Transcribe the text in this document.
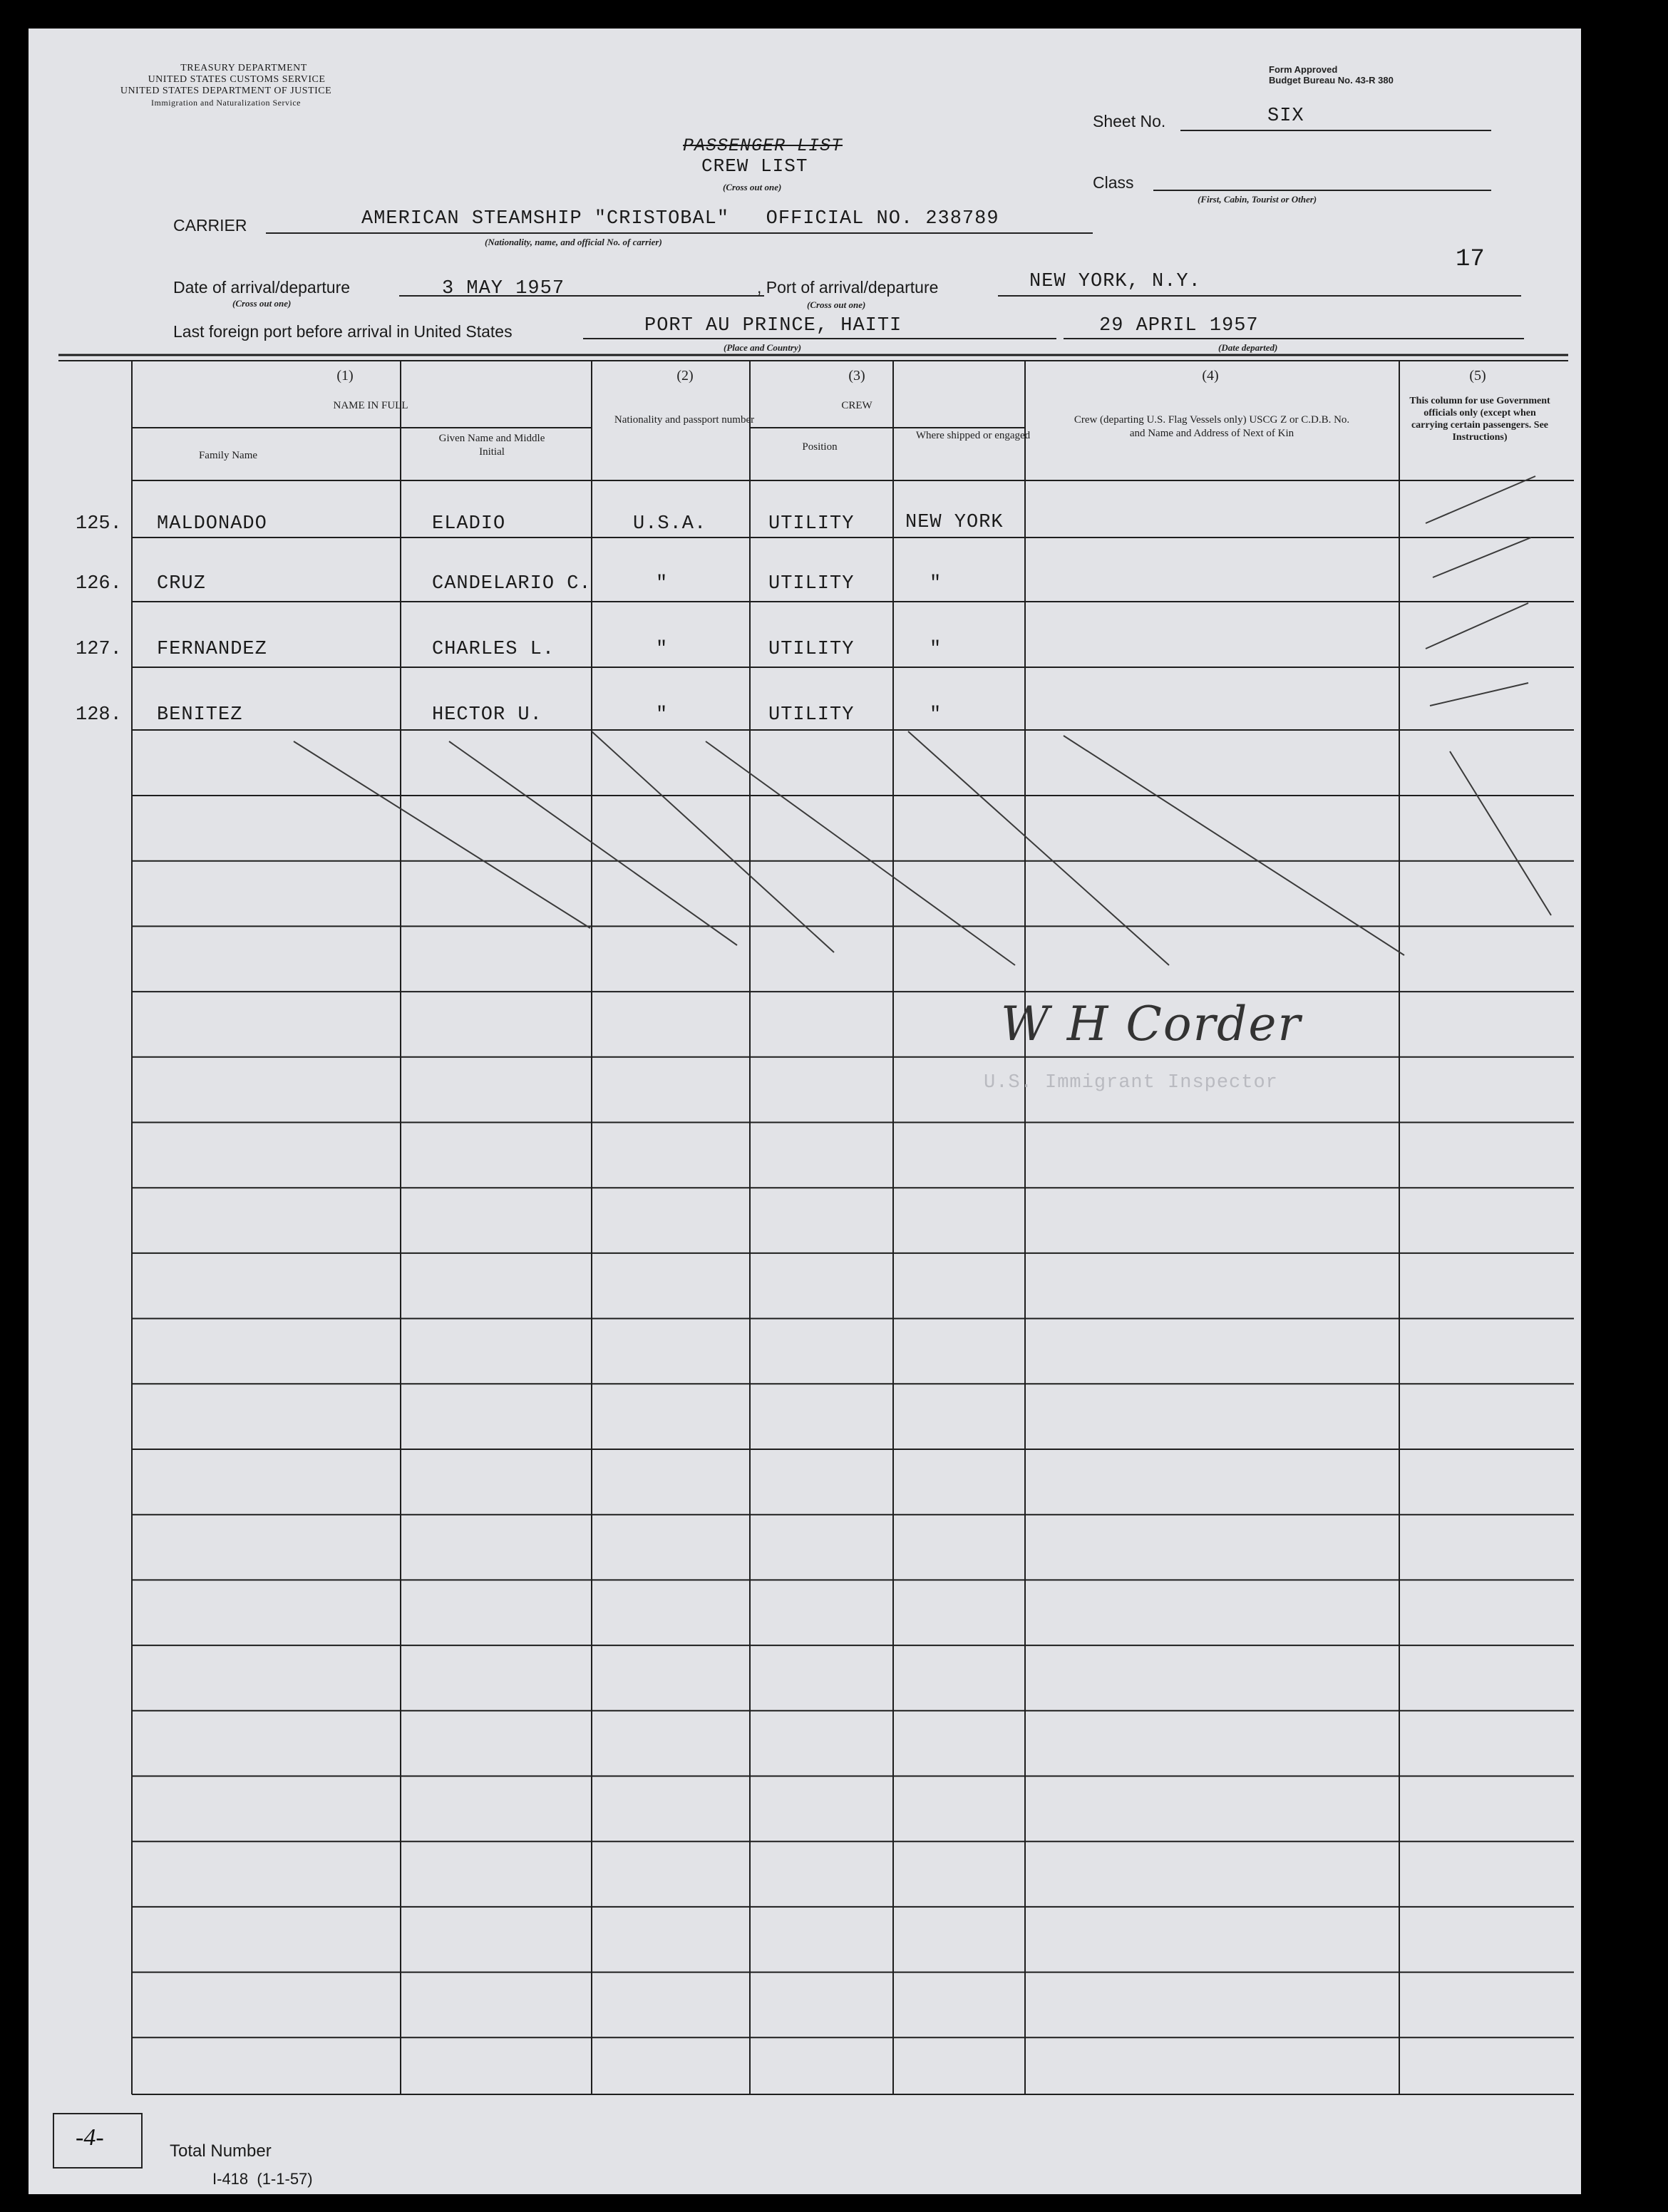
TREASURY DEPARTMENT
UNITED STATES CUSTOMS SERVICE
UNITED STATES DEPARTMENT OF JUSTICE
Immigration and Naturalization Service
Form Approved
Budget Bureau No. 43-R 380
Sheet No.	SIX
PASSENGER LIST
CREW LIST
(Cross out one)	Class
(First, Cabin, Tourist or Other)
CARRIER	AMERICAN STEAMSHIP "CRISTOBAL"   OFFICIAL NO. 238789
(Nationality, name, and official No. of carrier)
17
Date of arrival/departure	3 MAY 1957
(Cross out one)
, Port of arrival/departure	NEW YORK, N.Y.
(Cross out one)
Last foreign port before arrival in United States	PORT AU PRINCE, HAITI
(Place and Country)
29 APRIL 1957
(Date departed)
(1)
NAME IN FULL
Family Name
Given Name and Middle Initial
(2)
Nationality and passport number
(3)
CREW
Position
Where shipped or engaged
(4)
Crew (departing U.S. Flag Vessels only) USCG Z or C.D.B. No. and Name and Address of Next of Kin
(5)
This column for use Government officials only (except when carrying certain passengers. See Instructions)
125. MALDONADO	ELADIO	U.S.A.	UTILITY	NEW YORK
126. CRUZ	CANDELARIO C.	"	UTILITY	"
127. FERNANDEZ	CHARLES L.	"	UTILITY	"
128. BENITEZ	HECTOR U.	"	UTILITY	"
W H Corder
U.S. Immigrant Inspector
-4-
Total Number
I-418  (1-1-57)
